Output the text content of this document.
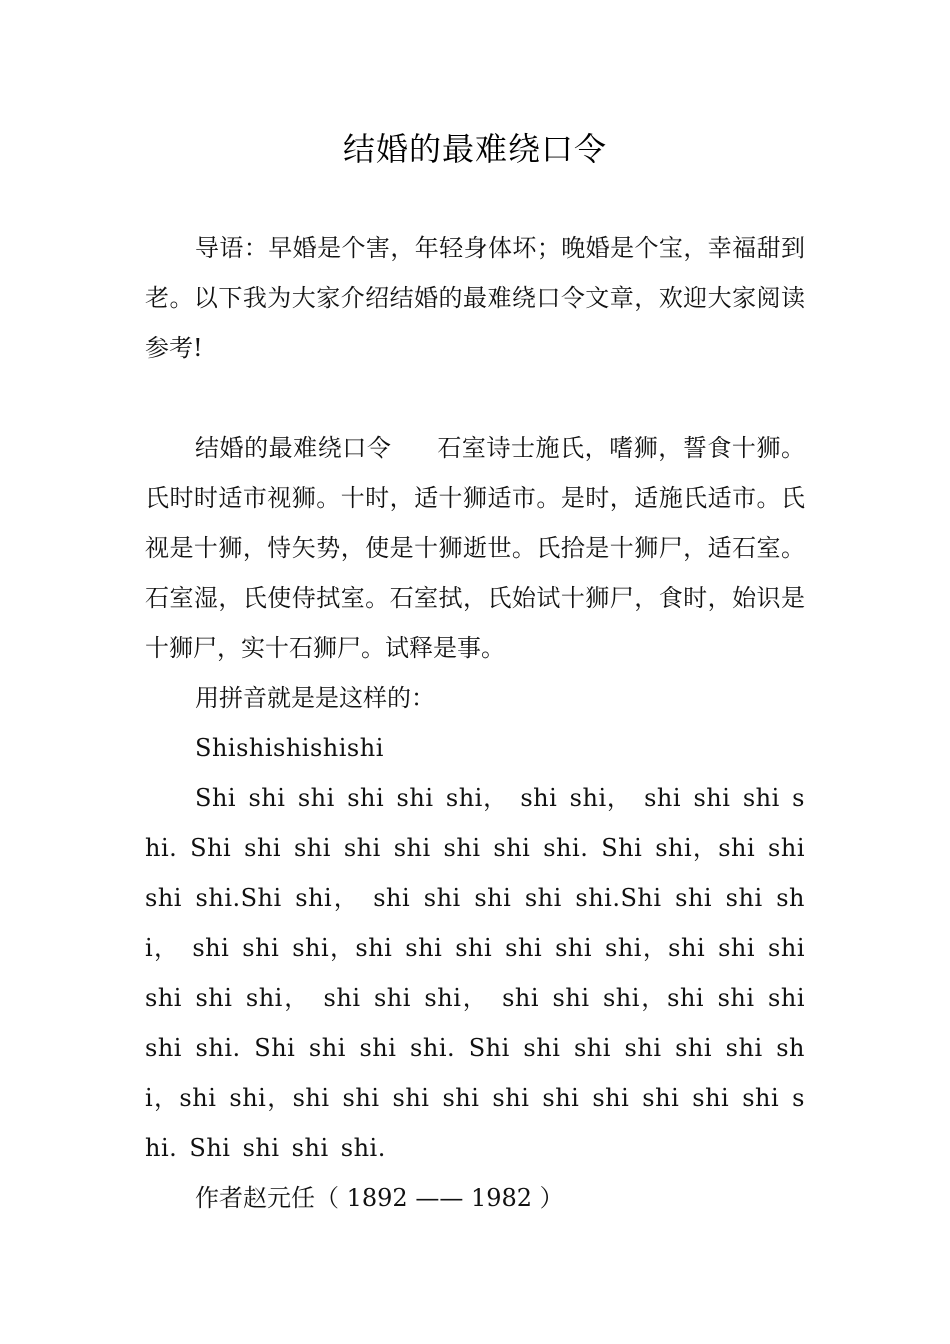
结婚的最难绕口令

导语：早婚是个害，年轻身体坏；晚婚是个宝，幸福甜到老。以下我为大家介绍结婚的最难绕口令文章，欢迎大家阅读参考!

结婚的最难绕口令 石室诗士施氏，嗜狮，誓食十狮。氏时时适市视狮。十时，适十狮适市。是时，适施氏适市。氏视是十狮，恃矢势，使是十狮逝世。氏拾是十狮尸，适石室。石室湿，氏使侍拭室。石室拭，氏始试十狮尸，食时，始识是十狮尸，实十石狮尸。试释是事。

用拼音就是是这样的：

Shishishishishi

Shi shi shi shi shi shi， shi shi， shi shi shi shi. Shi shi shi shi shi shi shi shi. Shi shi，shi shi shi shi.Shi shi， shi shi shi shi shi.Shi shi shi shi， shi shi shi，shi shi shi shi shi shi，shi shi shi shi shi shi， shi shi shi， shi shi shi，shi shi shi shi shi. Shi shi shi shi. Shi shi shi shi shi shi shi，shi shi，shi shi shi shi shi shi shi shi shi shi shi. Shi shi shi shi.

作者赵元任（ 1892 —— 1982 ）
